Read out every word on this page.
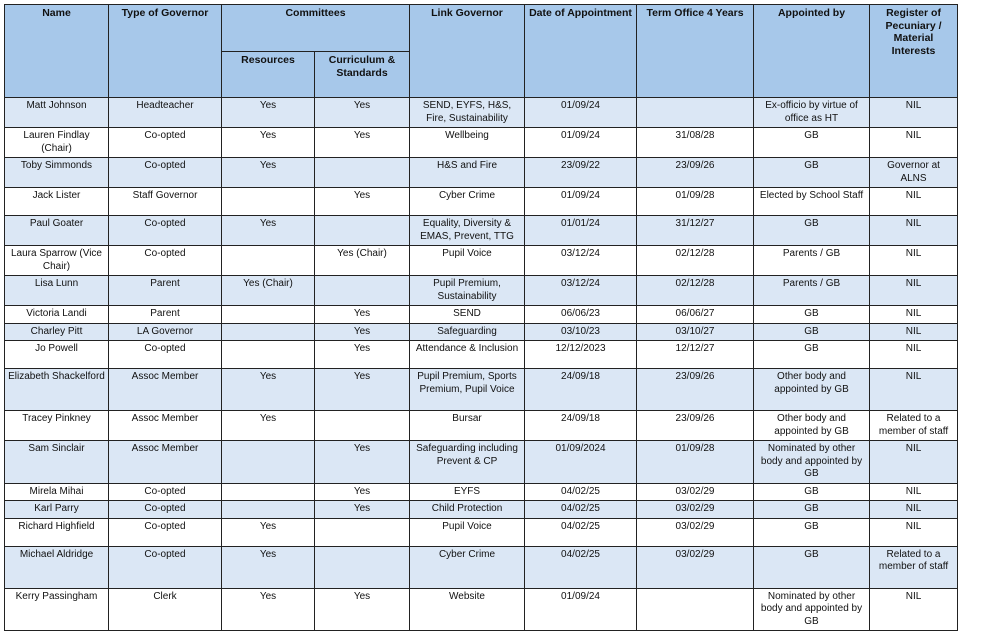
Name	Type of Governor	Committees		Link Governor	Date of Appointment	Term Office 4 Years	Appointed by	Register of Pecuniary / Material Interests
		Resources	Curriculum & Standards					
Matt Johnson	Headteacher	Yes	Yes	SEND, EYFS, H&S, Fire, Sustainability	01/09/24		Ex-officio by virtue of office as HT	NIL
Lauren Findlay (Chair)	Co-opted	Yes	Yes	Wellbeing	01/09/24	31/08/28	GB	NIL
Toby Simmonds	Co-opted	Yes		H&S and Fire	23/09/22	23/09/26	GB	Governor at ALNS
Jack Lister	Staff Governor		Yes	Cyber Crime	01/09/24	01/09/28	Elected by School Staff	NIL
Paul Goater	Co-opted	Yes		Equality, Diversity & EMAS, Prevent, TTG	01/01/24	31/12/27	GB	NIL
Laura Sparrow (Vice Chair)	Co-opted		Yes (Chair)	Pupil Voice	03/12/24	02/12/28	Parents / GB	NIL
Lisa Lunn	Parent	Yes (Chair)		Pupil Premium, Sustainability	03/12/24	02/12/28	Parents / GB	NIL
Victoria Landi	Parent		Yes	SEND	06/06/23	06/06/27	GB	NIL
Charley Pitt	LA Governor		Yes	Safeguarding	03/10/23	03/10/27	GB	NIL
Jo Powell	Co-opted		Yes	Attendance & Inclusion	12/12/2023	12/12/27	GB	NIL
Elizabeth Shackelford	Assoc Member	Yes	Yes	Pupil Premium, Sports Premium, Pupil Voice	24/09/18	23/09/26	Other body and appointed by GB	NIL
Tracey Pinkney	Assoc Member	Yes		Bursar	24/09/18	23/09/26	Other body and appointed by GB	Related to a member of staff
Sam Sinclair	Assoc Member		Yes	Safeguarding including Prevent & CP	01/09/2024	01/09/28	Nominated by other body and appointed by GB	NIL
Mirela Mihai	Co-opted		Yes	EYFS	04/02/25	03/02/29	GB	NIL
Karl Parry	Co-opted		Yes	Child Protection	04/02/25	03/02/29	GB	NIL
Richard Highfield	Co-opted	Yes		Pupil Voice	04/02/25	03/02/29	GB	NIL
Michael Aldridge	Co-opted	Yes		Cyber Crime	04/02/25	03/02/29	GB	Related to a member of staff
Kerry Passingham	Clerk	Yes	Yes	Website	01/09/24		Nominated by other body and appointed by GB	NIL
